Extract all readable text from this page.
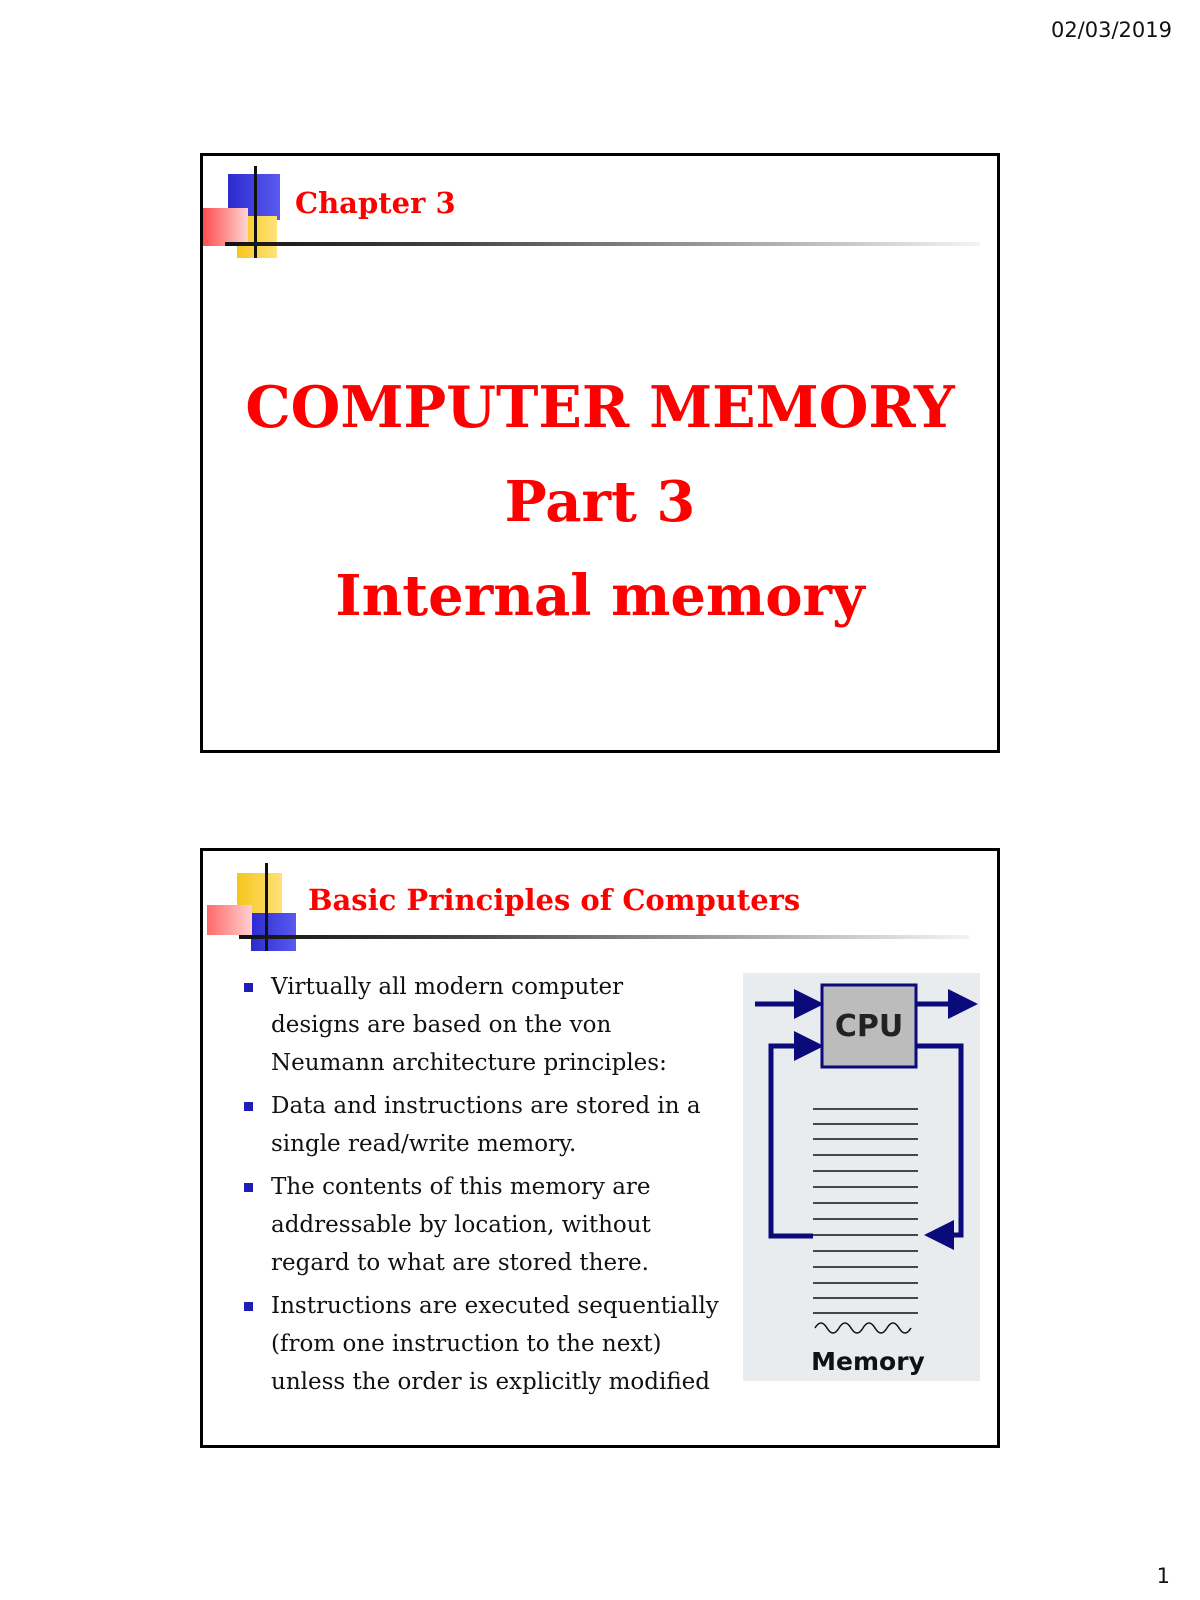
02/03/2019
Chapter 3
COMPUTER MEMORY
Part 3
Internal memory
Basic Principles of Computers
Virtually all modern computer
designs are based on the von
Neumann architecture principles:
Data and instructions are stored in a
single read/write memory.
The contents of this memory are
addressable by location, without
regard to what are stored there.
Instructions are executed sequentially
(from one instruction to the next)
unless the order is explicitly modified
CPU
Memory
1
